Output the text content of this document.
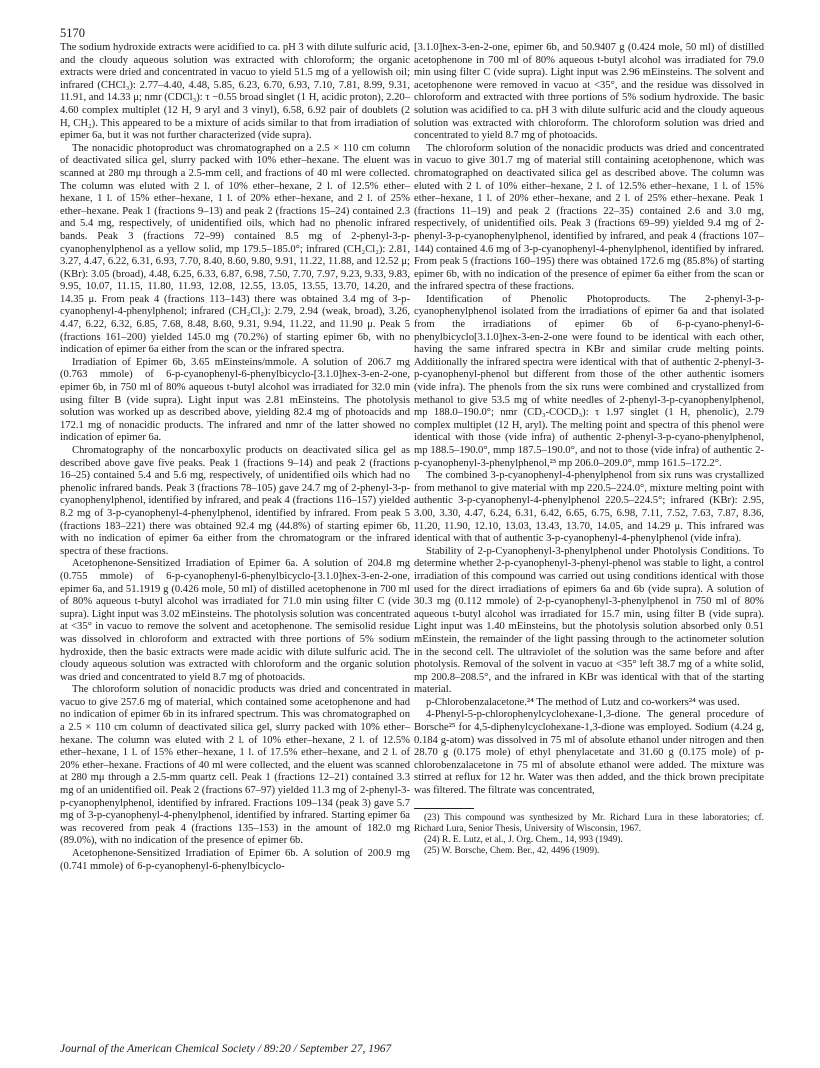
5170

The sodium hydroxide extracts were acidified to ca. pH 3 with dilute sulfuric acid, and the cloudy aqueous solution was extracted with chloroform; the organic extracts were dried and concentrated in vacuo to yield 51.5 mg of a yellowish oil; infrared (CHCl₃): 2.77–4.40, 4.48, 5.85, 6.23, 6.70, 6.93, 7.10, 7.81, 8.99, 9.31, 11.91, and 14.33 μ; nmr (CDCl₃): τ −0.55 broad singlet (1 H, acidic proton), 2.20–4.60 complex multiplet (12 H, 9 aryl and 3 vinyl), 6.58, 6.92 pair of doublets (2 H, CH₂). This appeared to be a mixture of acids similar to that from irradiation of epimer 6a, but it was not further characterized (vide supra).

The nonacidic photoproduct was chromatographed on a 2.5 × 110 cm column of deactivated silica gel, slurry packed with 10% ether–hexane. The eluent was scanned at 280 mμ through a 2.5-mm cell, and fractions of 40 ml were collected. The column was eluted with 2 l. of 10% ether–hexane, 2 l. of 12.5% ether–hexane, 1 l. of 15% ether–hexane, 1 l. of 20% ether–hexane, and 2 l. of 25% ether–hexane. Peak 1 (fractions 9–13) and peak 2 (fractions 15–24) contained 2.3 and 5.4 mg, respectively, of unidentified oils, which had no phenolic infrared bands. Peak 3 (fractions 72–99) contained 8.5 mg of 2-phenyl-3-p-cyanophenylphenol as a yellow solid, mp 179.5–185.0°; infrared (CH₂Cl₂): 2.81, 3.27, 4.47, 6.22, 6.31, 6.93, 7.70, 8.40, 8.60, 9.80, 9.91, 11.22, 11.88, and 12.52 μ; (KBr): 3.05 (broad), 4.48, 6.25, 6.33, 6.87, 6.98, 7.50, 7.70, 7.97, 9.23, 9.33, 9.83, 9.95, 10.07, 11.15, 11.80, 11.93, 12.08, 12.55, 13.05, 13.55, 13.70, 14.20, and 14.35 μ. From peak 4 (fractions 113–143) there was obtained 3.4 mg of 3-p-cyanophenyl-4-phenylphenol; infrared (CH₂Cl₂): 2.79, 2.94 (weak, broad), 3.26, 4.47, 6.22, 6.32, 6.85, 7.68, 8.48, 8.60, 9.31, 9.94, 11.22, and 11.90 μ. Peak 5 (fractions 161–200) yielded 145.0 mg (70.2%) of starting epimer 6b, with no indication of epimer 6a either from the scan or the infrared spectra.

Irradiation of Epimer 6b, 3.65 mEinsteins/mmole. A solution of 206.7 mg (0.763 mmole) of 6-p-cyanophenyl-6-phenylbicyclo-[3.1.0]hex-3-en-2-one, epimer 6b, in 750 ml of 80% aqueous t-butyl alcohol was irradiated for 32.0 min using filter B (vide supra). Light input was 2.81 mEinsteins. The photolysis solution was worked up as described above, yielding 82.4 mg of photoacids and 172.1 mg of nonacidic products. The infrared and nmr of the latter showed no indication of epimer 6a.

Chromatography of the noncarboxylic products on deactivated silica gel as described above gave five peaks. Peak 1 (fractions 9–14) and peak 2 (fractions 16–25) contained 5.4 and 5.6 mg, respectively, of unidentified oils which had no phenolic infrared bands. Peak 3 (fractions 78–105) gave 24.7 mg of 2-phenyl-3-p-cyanophenylphenol, identified by infrared, and peak 4 (fractions 116–157) yielded 8.2 mg of 3-p-cyanophenyl-4-phenylphenol, identified by infrared. From peak 5 (fractions 183–221) there was obtained 92.4 mg (44.8%) of starting epimer 6b, with no indication of epimer 6a either from the chromatogram or the infrared spectra of these fractions.

Acetophenone-Sensitized Irradiation of Epimer 6a. A solution of 204.8 mg (0.755 mmole) of 6-p-cyanophenyl-6-phenylbicyclo-[3.1.0]hex-3-en-2-one, epimer 6a, and 51.1919 g (0.426 mole, 50 ml) of distilled acetophenone in 700 ml of 80% aqueous t-butyl alcohol was irradiated for 71.0 min using filter C (vide supra). Light input was 3.02 mEinsteins. The photolysis solution was concentrated at <35° in vacuo to remove the solvent and acetophenone. The semisolid residue was dissolved in chloroform and extracted with three portions of 5% sodium hydroxide, then the basic extracts were made acidic with dilute sulfuric acid. The cloudy aqueous solution was extracted with chloroform and the organic solution was dried and concentrated to yield 8.7 mg of photoacids.

The chloroform solution of nonacidic products was dried and concentrated in vacuo to give 257.6 mg of material, which contained some acetophenone and had no indication of epimer 6b in its infrared spectrum. This was chromatographed on a 2.5 × 110 cm column of deactivated silica gel, slurry packed with 10% ether–hexane. The column was eluted with 2 l. of 10% ether–hexane, 2 l. of 12.5% ether–hexane, 1 l. of 15% ether–hexane, 1 l. of 17.5% ether–hexane, and 2 l. of 20% ether–hexane. Fractions of 40 ml were collected, and the eluent was scanned at 280 mμ through a 2.5-mm quartz cell. Peak 1 (fractions 12–21) contained 3.3 mg of an unidentified oil. Peak 2 (fractions 67–97) yielded 11.3 mg of 2-phenyl-3-p-cyanophenylphenol, identified by infrared. Fractions 109–134 (peak 3) gave 5.7 mg of 3-p-cyanophenyl-4-phenylphenol, identified by infrared. Starting epimer 6a was recovered from peak 4 (fractions 135–153) in the amount of 182.0 mg (89.0%), with no indication of the presence of epimer 6b.

Acetophenone-Sensitized Irradiation of Epimer 6b. A solution of 200.9 mg (0.741 mmole) of 6-p-cyanophenyl-6-phenylbicyclo-

[3.1.0]hex-3-en-2-one, epimer 6b, and 50.9407 g (0.424 mole, 50 ml) of distilled acetophenone in 700 ml of 80% aqueous t-butyl alcohol was irradiated for 79.0 min using filter C (vide supra). Light input was 2.96 mEinsteins. The solvent and acetophenone were removed in vacuo at <35°, and the residue was dissolved in chloroform and extracted with three portions of 5% sodium hydroxide. The basic solution was acidified to ca. pH 3 with dilute sulfuric acid and the cloudy aqueous solution was extracted with chloroform. The chloroform solution was dried and concentrated to yield 8.7 mg of photoacids.

The chloroform solution of the nonacidic products was dried and concentrated in vacuo to give 301.7 mg of material still containing acetophenone, which was chromatographed on deactivated silica gel as described above. The column was eluted with 2 l. of 10% either–hexane, 2 l. of 12.5% ether–hexane, 1 l. of 15% ether–hexane, 1 l. of 20% ether–hexane, and 2 l. of 25% ether–hexane. Peak 1 (fractions 11–19) and peak 2 (fractions 22–35) contained 2.6 and 3.0 mg, respectively, of unidentified oils. Peak 3 (fractions 69–99) yielded 9.4 mg of 2-phenyl-3-p-cyanophenylphenol, identified by infrared, and peak 4 (fractions 107–144) contained 4.6 mg of 3-p-cyanophenyl-4-phenylphenol, identified by infrared. From peak 5 (fractions 160–195) there was obtained 172.6 mg (85.8%) of starting epimer 6b, with no indication of the presence of epimer 6a either from the scan or the infrared spectra of these fractions.

Identification of Phenolic Photoproducts. The 2-phenyl-3-p-cyanophenylphenol isolated from the irradiations of epimer 6a and that isolated from the irradiations of epimer 6b of 6-p-cyano-phenyl-6-phenylbicyclo[3.1.0]hex-3-en-2-one were found to be identical with each other, having the same infrared spectra in KBr and similar crude melting points. Additionally the infrared spectra were identical with that of authentic 2-phenyl-3-p-cyanophenyl-phenol but different from those of the other authentic isomers (vide infra). The phenols from the six runs were combined and crystallized from methanol to give 53.5 mg of white needles of 2-phenyl-3-p-cyanophenylphenol, mp 188.0–190.0°; nmr (CD₃-COCD₃): τ 1.97 singlet (1 H, phenolic), 2.79 complex multiplet (12 H, aryl). The melting point and spectra of this phenol were identical with those (vide infra) of authentic 2-phenyl-3-p-cyano-phenylphenol, mp 188.5–190.0°, mmp 187.5–190.0°, and not to those (vide infra) of authentic 2-p-cyanophenyl-3-phenylphenol,²³ mp 206.0–209.0°, mmp 161.5–172.2°.

The combined 3-p-cyanophenyl-4-phenylphenol from six runs was crystallized from methanol to give material with mp 220.5–224.0°, mixture melting point with authentic 3-p-cyanophenyl-4-phenylphenol 220.5–224.5°; infrared (KBr): 2.95, 3.00, 3.30, 4.47, 6.24, 6.31, 6.42, 6.65, 6.75, 6.98, 7.11, 7.52, 7.63, 7.87, 8.36, 11.20, 11.90, 12.10, 13.03, 13.43, 13.70, 14.05, and 14.29 μ. This infrared was identical with that of authentic 3-p-cyanophenyl-4-phenylphenol (vide infra).

Stability of 2-p-Cyanophenyl-3-phenylphenol under Photolysis Conditions. To determine whether 2-p-cyanophenyl-3-phenyl-phenol was stable to light, a control irradiation of this compound was carried out using conditions identical with those used for the direct irradiations of epimers 6a and 6b (vide supra). A solution of 30.3 mg (0.112 mmole) of 2-p-cyanophenyl-3-phenylphenol in 750 ml of 80% aqueous t-butyl alcohol was irradiated for 15.7 min, using filter B (vide supra). Light input was 1.40 mEinsteins, but the photolysis solution absorbed only 0.51 mEinstein, the remainder of the light passing through to the actinometer solution in the second cell. The ultraviolet of the solution was the same before and after photolysis. Removal of the solvent in vacuo at <35° left 38.7 mg of a white solid, mp 200.8–208.5°, and the infrared in KBr was identical with that of the starting material.

p-Chlorobenzalacetone.²⁴ The method of Lutz and co-workers²⁴ was used.

4-Phenyl-5-p-chlorophenylcyclohexane-1,3-dione. The general procedure of Borsche²⁵ for 4,5-diphenylcyclohexane-1,3-dione was employed. Sodium (4.24 g, 0.184 g-atom) was dissolved in 75 ml of absolute ethanol under nitrogen and then 28.70 g (0.175 mole) of ethyl phenylacetate and 31.60 g (0.175 mole) of p-chlorobenzalacetone in 75 ml of absolute ethanol were added. The mixture was stirred at reflux for 12 hr. Water was then added, and the thick brown precipitate was filtered. The filtrate was concentrated,

(23) This compound was synthesized by Mr. Richard Lura in these laboratories; cf. Richard Lura, Senior Thesis, University of Wisconsin, 1967.

(24) R. E. Lutz, et al., J. Org. Chem., 14, 993 (1949).

(25) W. Borsche, Chem. Ber., 42, 4496 (1909).

Journal of the American Chemical Society / 89:20 / September 27, 1967
